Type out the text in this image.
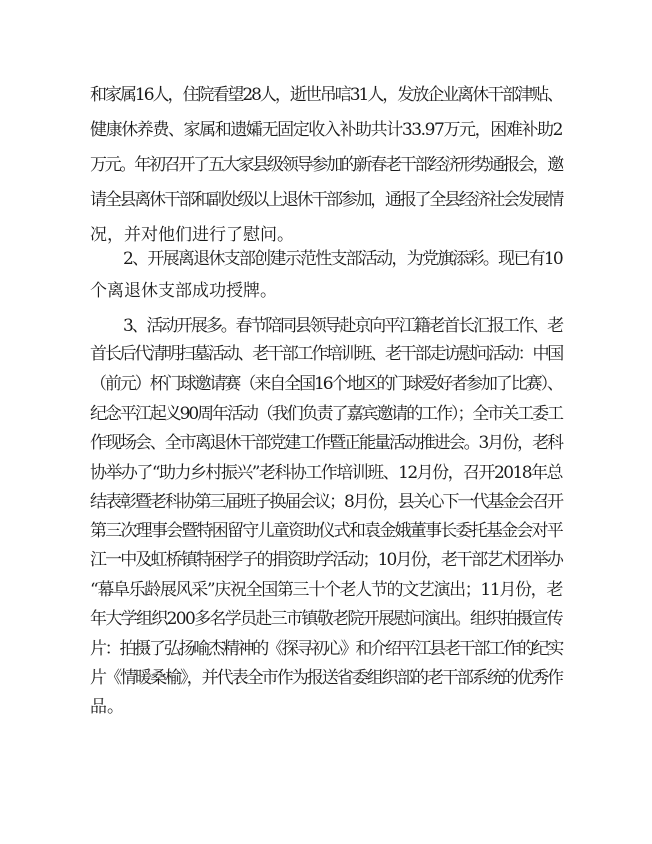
和家属16人，住院看望28人，逝世吊唁31人，发放企业离休干部津贴、
健康休养费、家属和遗孀无固定收入补助共计33.97万元，困难补助2
万元。年初召开了五大家县级领导参加的新春老干部经济形势通报会，邀
请全县离休干部和副处级以上退休干部参加，通报了全县经济社会发展情
况，并对他们进行了慰问。
2、开展离退休支部创建示范性支部活动，为党旗添彩。现已有10
个离退休支部成功授牌。
3、活动开展多。春节陪同县领导赴京向平江籍老首长汇报工作、老
首长后代清明扫墓活动、老干部工作培训班、老干部走访慰问活动：中国
（前元）杯门球邀请赛（来自全国16个地区的门球爱好者参加了比赛）、
纪念平江起义90周年活动（我们负责了嘉宾邀请的工作）；全市关工委工
作现场会、全市离退休干部党建工作暨正能量活动推进会。3月份，老科
协举办了“助力乡村振兴”老科协工作培训班、12月份，召开2018年总
结表彰暨老科协第三届班子换届会议；8月份，县关心下一代基金会召开
第三次理事会暨特困留守儿童资助仪式和袁金娥董事长委托基金会对平
江一中及虹桥镇特困学子的捐资助学活动；10月份，老干部艺术团举办
“幕阜乐龄展风采”庆祝全国第三十个老人节的文艺演出；11月份，老
年大学组织200多名学员赴三市镇敬老院开展慰问演出。组织拍摄宣传
片：拍摄了弘扬喻杰精神的《探寻初心》和介绍平江县老干部工作的纪实
片《情暖桑榆》，并代表全市作为报送省委组织部的老干部系统的优秀作
品。
